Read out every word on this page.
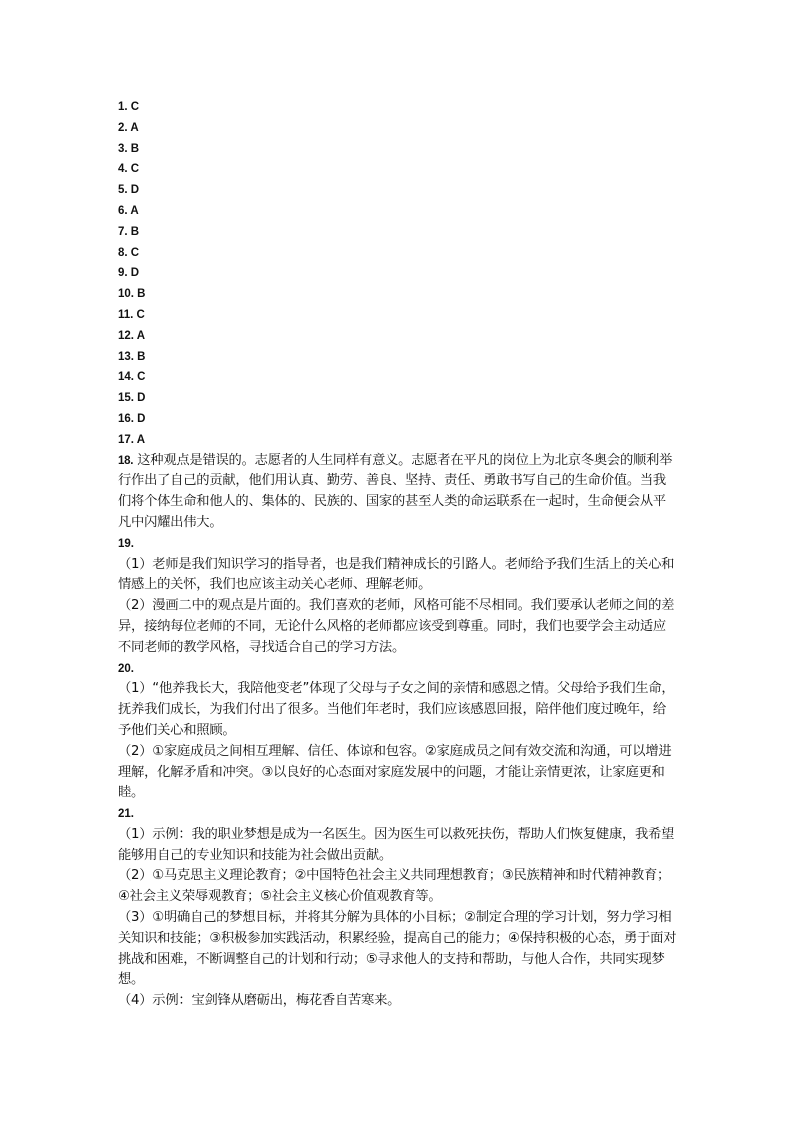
1. C
2. A
3. B
4. C
5. D
6. A
7. B
8. C
9. D
10. B
11. C
12. A
13. B
14. C
15. D
16. D
17. A

18. 这种观点是错误的。志愿者的人生同样有意义。志愿者在平凡的岗位上为北京冬奥会的顺利举行作出了自己的贡献，他们用认真、勤劳、善良、坚持、责任、勇敢书写自己的生命价值。当我们将个体生命和他人的、集体的、民族的、国家的甚至人类的命运联系在一起时，生命便会从平凡中闪耀出伟大。

19.

（1）老师是我们知识学习的指导者，也是我们精神成长的引路人。老师给予我们生活上的关心和情感上的关怀，我们也应该主动关心老师、理解老师。

（2）漫画二中的观点是片面的。我们喜欢的老师，风格可能不尽相同。我们要承认老师之间的差异，接纳每位老师的不同，无论什么风格的老师都应该受到尊重。同时，我们也要学会主动适应不同老师的教学风格，寻找适合自己的学习方法。

20.

（1）“他养我长大，我陪他变老”体现了父母与子女之间的亲情和感恩之情。父母给予我们生命，抚养我们成长，为我们付出了很多。当他们年老时，我们应该感恩回报，陪伴他们度过晚年，给予他们关心和照顾。

（2）①家庭成员之间相互理解、信任、体谅和包容。②家庭成员之间有效交流和沟通，可以增进理解，化解矛盾和冲突。③以良好的心态面对家庭发展中的问题，才能让亲情更浓，让家庭更和睦。

21.

（1）示例：我的职业梦想是成为一名医生。因为医生可以救死扶伤，帮助人们恢复健康，我希望能够用自己的专业知识和技能为社会做出贡献。

（2）①马克思主义理论教育；②中国特色社会主义共同理想教育；③民族精神和时代精神教育；④社会主义荣辱观教育；⑤社会主义核心价值观教育等。

（3）①明确自己的梦想目标，并将其分解为具体的小目标；②制定合理的学习计划，努力学习相关知识和技能；③积极参加实践活动，积累经验，提高自己的能力；④保持积极的心态，勇于面对挑战和困难，不断调整自己的计划和行动；⑤寻求他人的支持和帮助，与他人合作，共同实现梦想。

（4）示例：宝剑锋从磨砺出，梅花香自苦寒来。
